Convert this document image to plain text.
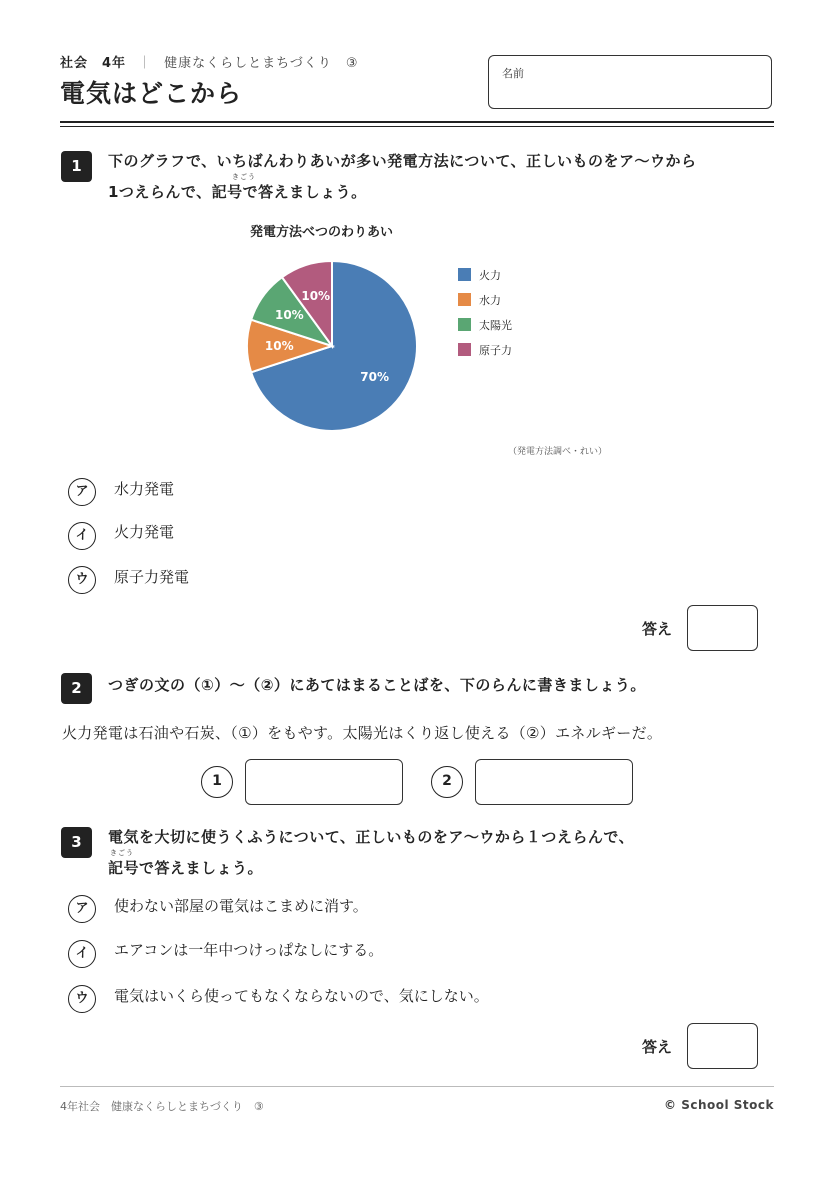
社会　4年 ｜ 健康なくらしとまちづくり　③
電気はどこから
名前
1	下のグラフで、いちばんわりあいが多い発電方法について、正しいものをア～ウから
きごう
1つえらんで、記号で答えましょう。
発電方法べつのわりあい
70%
10%
10%
10%
火力
水力
太陽光
原子力
（発電方法調べ・れい）
ア	水力発電
イ	火力発電
ウ	原子力発電
答え
2	つぎの文の（①）～（②）にあてはまることばを、下のらんに書きましょう。
火力発電は石油や石炭、（①）をもやす。太陽光はくり返し使える（②）エネルギーだ。
1	2
3	電気を大切に使うくふうについて、正しいものをア～ウから１つえらんで、
きごう
記号で答えましょう。
ア	使わない部屋の電気はこまめに消す。
イ	エアコンは一年中つけっぱなしにする。
ウ	電気はいくら使ってもなくならないので、気にしない。
答え
4年社会　健康なくらしとまちづくり　③	© School Stock
